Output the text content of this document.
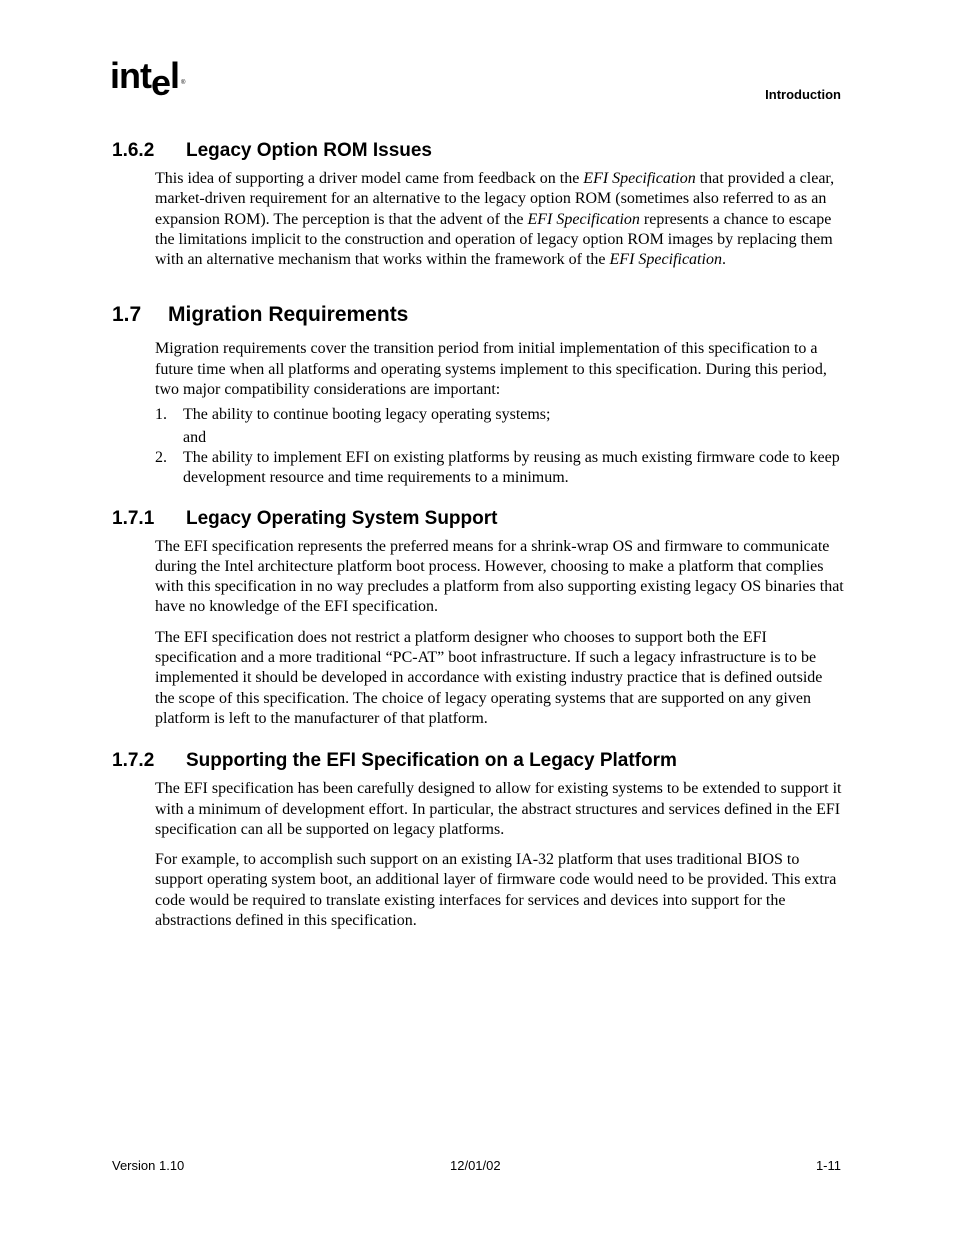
intel ®
Introduction
1.6.2 Legacy Option ROM Issues

This idea of supporting a driver model came from feedback on the EFI Specification that provided a clear, market-driven requirement for an alternative to the legacy option ROM (sometimes also referred to as an expansion ROM). The perception is that the advent of the EFI Specification represents a chance to escape the limitations implicit to the construction and operation of legacy option ROM images by replacing them with an alternative mechanism that works within the framework of the EFI Specification.

1.7 Migration Requirements

Migration requirements cover the transition period from initial implementation of this specification to a future time when all platforms and operating systems implement to this specification. During this period, two major compatibility considerations are important:

1. The ability to continue booting legacy operating systems;
and
2. The ability to implement EFI on existing platforms by reusing as much existing firmware code to keep development resource and time requirements to a minimum.
1.7.1 Legacy Operating System Support

The EFI specification represents the preferred means for a shrink-wrap OS and firmware to communicate during the Intel architecture platform boot process. However, choosing to make a platform that complies with this specification in no way precludes a platform from also supporting existing legacy OS binaries that have no knowledge of the EFI specification.

The EFI specification does not restrict a platform designer who chooses to support both the EFI specification and a more traditional “PC-AT” boot infrastructure. If such a legacy infrastructure is to be implemented it should be developed in accordance with existing industry practice that is defined outside the scope of this specification. The choice of legacy operating systems that are supported on any given platform is left to the manufacturer of that platform.

1.7.2 Supporting the EFI Specification on a Legacy Platform

The EFI specification has been carefully designed to allow for existing systems to be extended to support it with a minimum of development effort. In particular, the abstract structures and services defined in the EFI specification can all be supported on legacy platforms.

For example, to accomplish such support on an existing IA-32 platform that uses traditional BIOS to support operating system boot, an additional layer of firmware code would need to be provided. This extra code would be required to translate existing interfaces for services and devices into support for the abstractions defined in this specification.

Version 1.10	12/01/02	1-11
